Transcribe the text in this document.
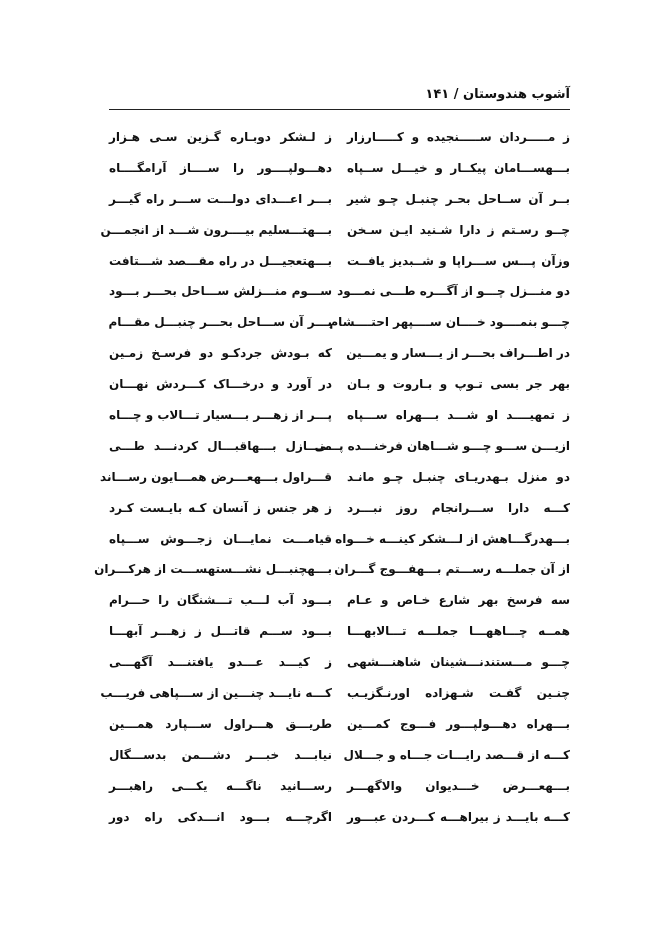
آشوب هندوستان / ۱۴۱
ز مـــــردان ســـــنجیده و کـــــارزار
ز لـشکر دوبـاره گـزین سـی هـزار
بـــهســـامان پیکــار و خیـــل ســپاه
دهـــولپــــور را ســــاز آرامگــــاه
بــر آن ســاحل بحـر چنبـل چـو شیر
بـــر اعـــدای دولـــت ســـر راه گیـــر
چــو رسـتم ز دارا شـنید ایـن سـخن
بـــهتـــسلیم بیــــرون شـــد از انجمـــن
وزآن پـــس ســـراپا و شــبدیز یافــت
بـــهتعجیـــل در راه مقـــصد شـــتافت
دو منـــزل چـــو از آگـــره طـــی نمـــود
ســـوم منـــزلش ســـاحل بحـــر بـــود
چـــو بنمــــود خــــان ســــپهر احتــــشام
بـــر آن ســـاحل بحـــر چنبـــل مقـــام
در اطـــراف بحـــر از یـــسار و یمـــین
که بـودش جردکـو دو فرسـخ زمـین
بهر جر بسی تـوپ و بـاروت و بـان
در آورد و درخـــاک کـــردش نهـــان
ز تمهیــــد او شـــد بـــهراه ســـپاه
پـــر از زهـــر بـــسیار تـــالاب و چـــاه
ازیـــن ســـو چـــو شـــاهان فرخنـــده پـــی
منـــازل بـــهاقبـــال کردنـــد طـــی
دو منزل بـهدریـای چنبـل چـو مانـد
قـــراول بـــهعـــرض همـــایون رســـاند
کـــه دارا ســـرانجام روز نبـــرد
ز هر جنس ز آنسان کـه بایـست کـرد
بـــهدرگـــاهش از لـــشکر کینـــه خـــواه
قیامـــت نمایـــان زجـــوش ســـپاه
از آن جملـــه رســـتم بـــهفـــوج گـــران
بـــهچنبـــل نشـــستهســـت از هرکـــران
سه فرسخ بهر شارع خـاص و عـام
بـــود آب لـــب تـــشنگان را حـــرام
همــه چـــاههـــا جملـــه تـــالابهـــا
بـــود ســـم قاتـــل ز زهـــر آبهـــا
چـــو مـــستندنـــشینان شاهنـــشهی
ز کیـــد عـــدو یافتنـــد آگهـــی
چنـین گفـت شـهزاده اورنـگزیـب
کـــه نایـــد چنـــین از ســـپاهی فریـــب
بـــهراه دهـــولپـــور فـــوج کمـــین
طریـــق هـــراول ســـپارد همـــین
کـــه از قـــصد رایـــات جـــاه و جـــلال
نیابـــد خبـــر دشـــمن بدســـگال
بـــهعـــرض خـــدیوان والاگهـــر
رســـانید ناگـــه یکـــی راهبـــر
کـــه بایـــد ز بیراهـــه کـــردن عبـــور
اگرچـــه بـــود انـــدکی راه دور
